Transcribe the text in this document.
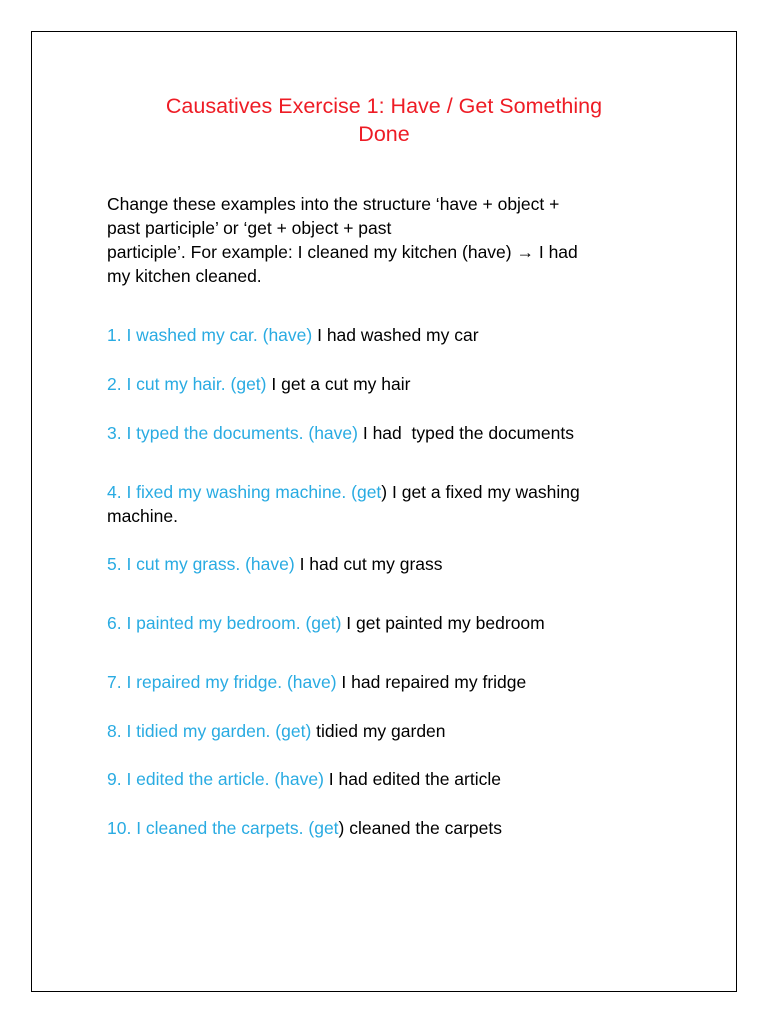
Causatives Exercise 1: Have / Get Something
Done
Change these examples into the structure ‘have + object +
past participle’ or ‘get + object + past
participle’. For example: I cleaned my kitchen (have) → I had
my kitchen cleaned.
1. I washed my car. (have) I had washed my car
2. I cut my hair. (get) I get a cut my hair
3. I typed the documents. (have) I had  typed the documents
4. I fixed my washing machine. (get) I get a fixed my washing
machine.
5. I cut my grass. (have) I had cut my grass
6. I painted my bedroom. (get) I get painted my bedroom
7. I repaired my fridge. (have) I had repaired my fridge
8. I tidied my garden. (get) tidied my garden
9. I edited the article. (have) I had edited the article
10. I cleaned the carpets. (get) cleaned the carpets
